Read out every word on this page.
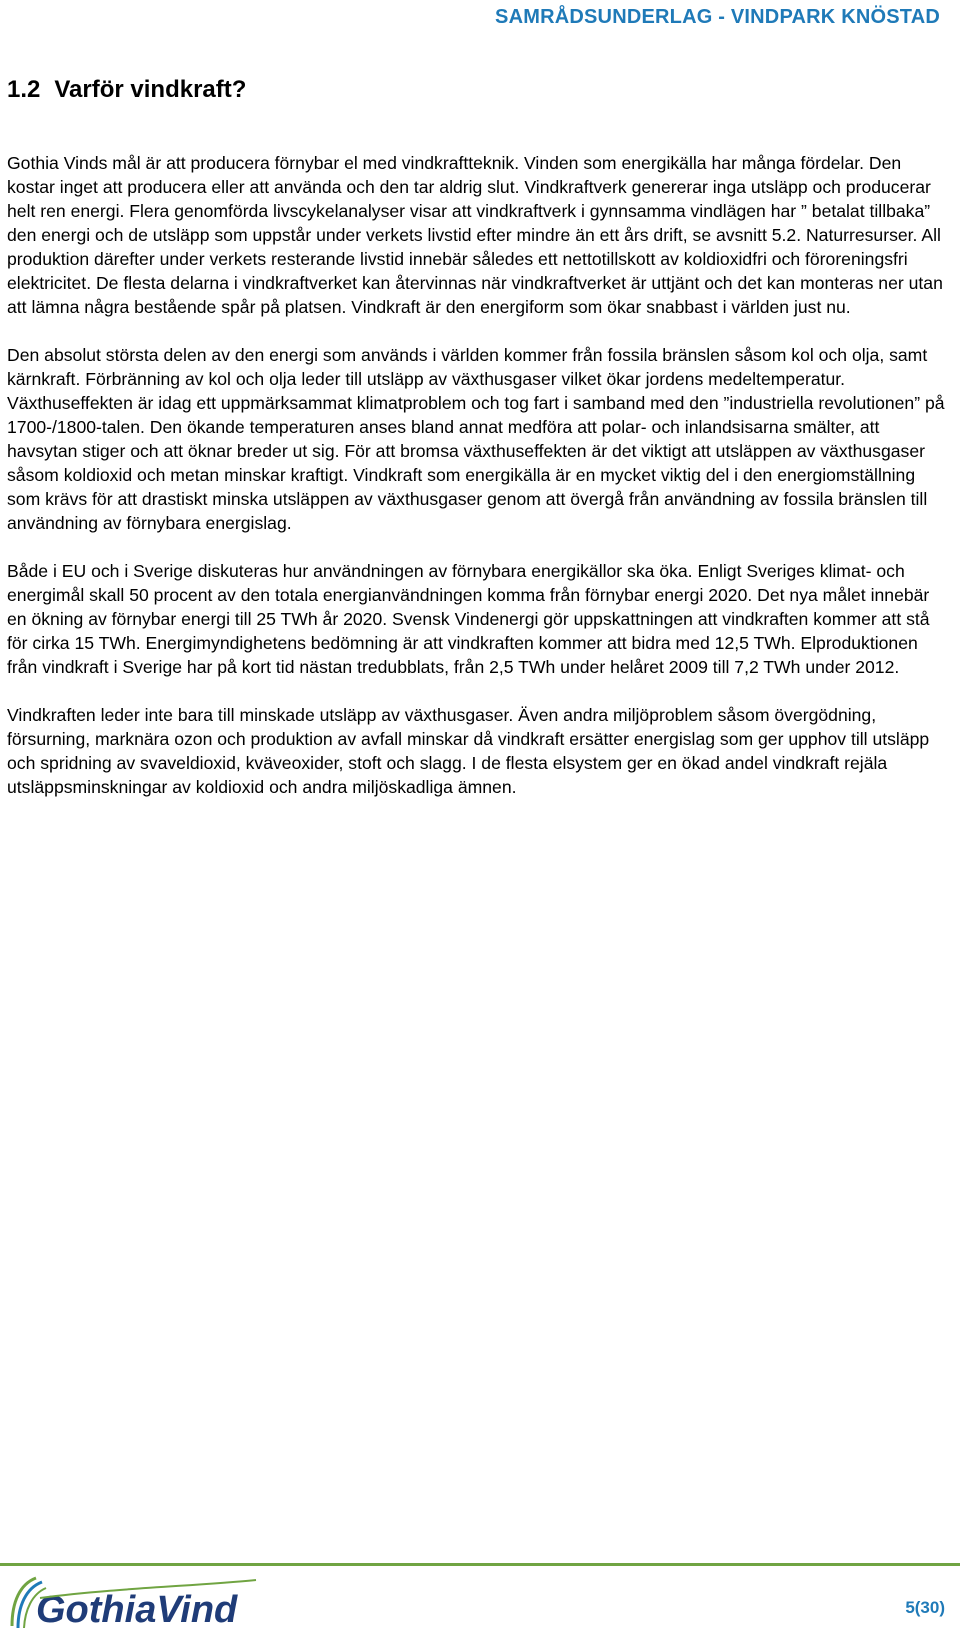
SAMRÅDSUNDERLAG - VINDPARK KNÖSTAD
1.2 Varför vindkraft?

Gothia Vinds mål är att producera förnybar el med vindkraftteknik. Vinden som energikälla har många fördelar. Den kostar inget att producera eller att använda och den tar aldrig slut. Vindkraftverk genererar inga utsläpp och producerar helt ren energi. Flera genomförda livscykelanalyser visar att vindkraftverk i gynnsamma vindlägen har ” betalat tillbaka” den energi och de utsläpp som uppstår under verkets livstid efter mindre än ett års drift, se avsnitt 5.2. Naturresurser. All produktion därefter under verkets resterande livstid innebär således ett nettotillskott av koldioxidfri och föroreningsfri elektricitet. De flesta delarna i vindkraftverket kan återvinnas när vindkraftverket är uttjänt och det kan monteras ner utan att lämna några bestående spår på platsen. Vindkraft är den energiform som ökar snabbast i världen just nu.

Den absolut största delen av den energi som används i världen kommer från fossila bränslen såsom kol och olja, samt kärnkraft. Förbränning av kol och olja leder till utsläpp av växthusgaser vilket ökar jordens medeltemperatur. Växthuseffekten är idag ett uppmärksammat klimatproblem och tog fart i samband med den ”industriella revolutionen” på 1700-/1800-talen. Den ökande temperaturen anses bland annat medföra att polar- och inlandsisarna smälter, att havsytan stiger och att öknar breder ut sig. För att bromsa växthuseffekten är det viktigt att utsläppen av växthusgaser såsom koldioxid och metan minskar kraftigt. Vindkraft som energikälla är en mycket viktig del i den energiomställning som krävs för att drastiskt minska utsläppen av växthusgaser genom att övergå från användning av fossila bränslen till användning av förnybara energislag.

Både i EU och i Sverige diskuteras hur användningen av förnybara energikällor ska öka. Enligt Sveriges klimat- och energimål skall 50 procent av den totala energianvändningen komma från förnybar energi 2020. Det nya målet innebär en ökning av förnybar energi till 25 TWh år 2020. Svensk Vindenergi gör uppskattningen att vindkraften kommer att stå för cirka 15 TWh. Energimyndighetens bedömning är att vindkraften kommer att bidra med 12,5 TWh. Elproduktionen från vindkraft i Sverige har på kort tid nästan tredubblats, från 2,5 TWh under helåret 2009 till 7,2 TWh under 2012.

Vindkraften leder inte bara till minskade utsläpp av växthusgaser. Även andra miljöproblem såsom övergödning, försurning, marknära ozon och produktion av avfall minskar då vindkraft ersätter energislag som ger upphov till utsläpp och spridning av svaveldioxid, kväveoxider, stoft och slagg. I de flesta elsystem ger en ökad andel vindkraft rejäla utsläppsminskningar av koldioxid och andra miljöskadliga ämnen.

GothiaVind	5(30)
